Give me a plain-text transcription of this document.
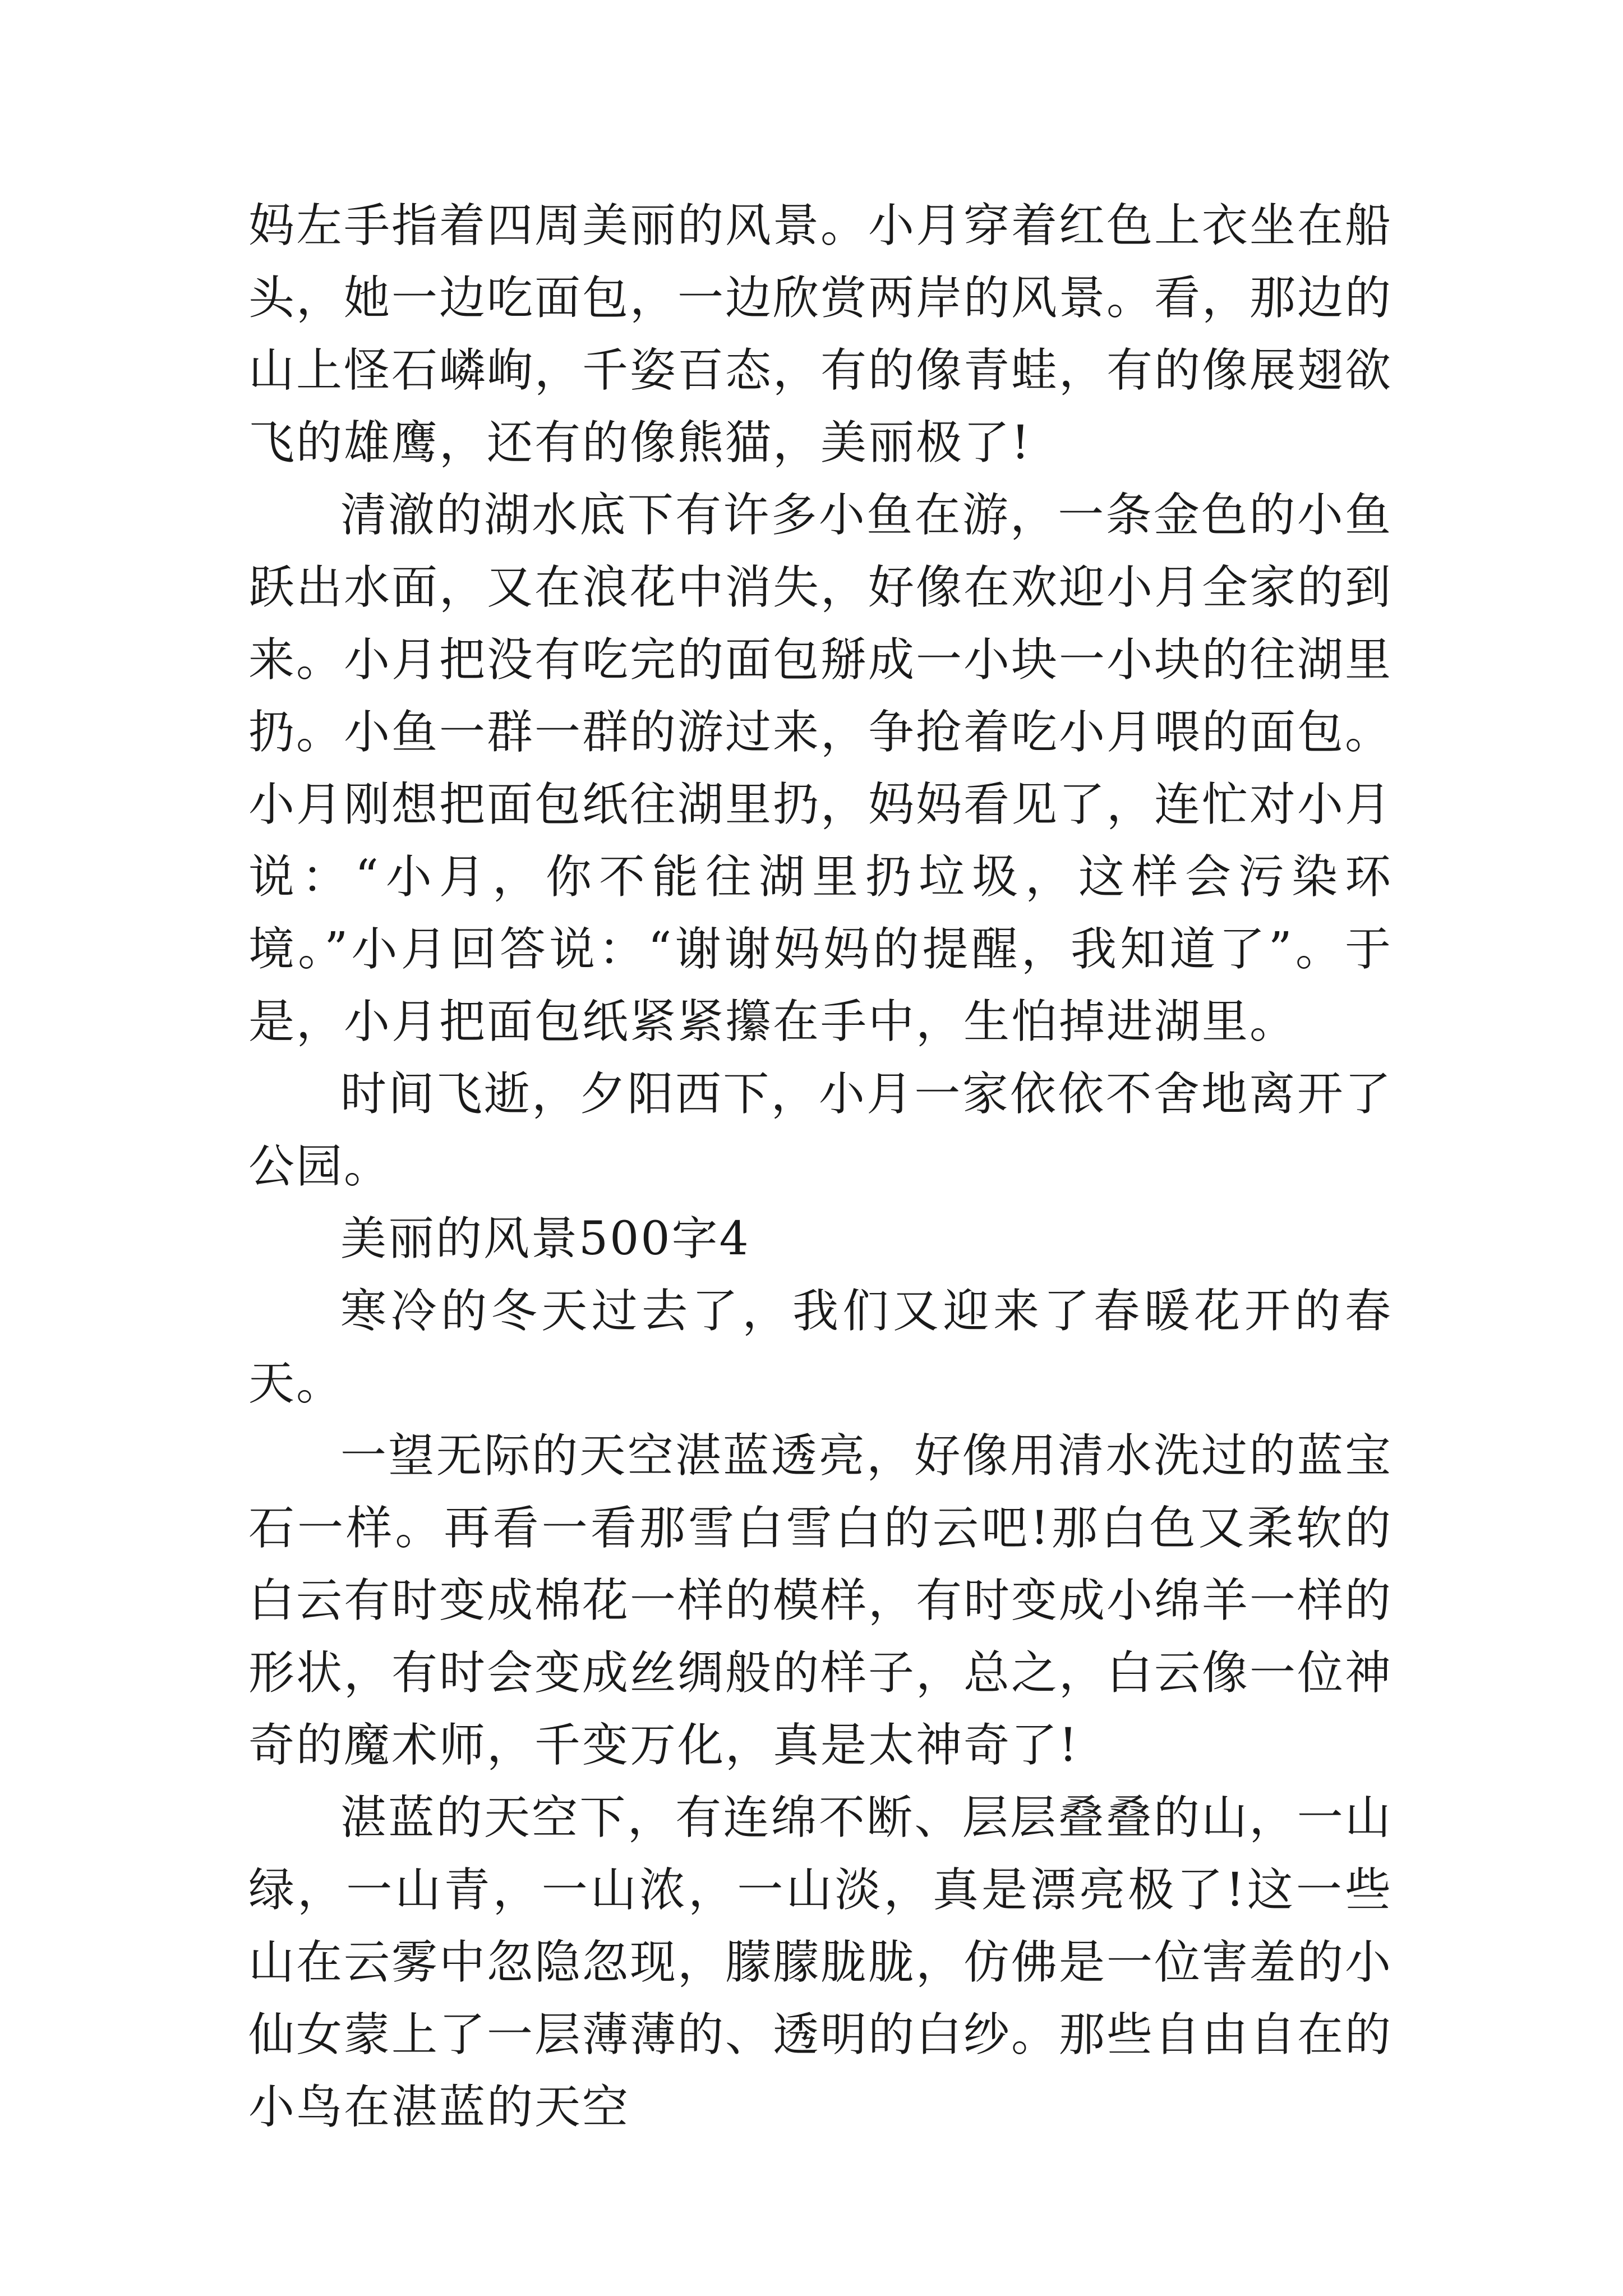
妈左手指着四周美丽的风景。小月穿着红色上衣坐在船头，她一边吃面包，一边欣赏两岸的风景。看，那边的山上怪石嶙峋，千姿百态，有的像青蛙，有的像展翅欲飞的雄鹰，还有的像熊猫，美丽极了!

清澈的湖水底下有许多小鱼在游，一条金色的小鱼跃出水面，又在浪花中消失，好像在欢迎小月全家的到来。小月把没有吃完的面包掰成一小块一小块的往湖里扔。小鱼一群一群的游过来，争抢着吃小月喂的面包。小月刚想把面包纸往湖里扔，妈妈看见了，连忙对小月说：“小月，你不能往湖里扔垃圾，这样会污染环境。”小月回答说：“谢谢妈妈的提醒，我知道了”。于是，小月把面包纸紧紧攥在手中，生怕掉进湖里。

时间飞逝，夕阳西下，小月一家依依不舍地离开了公园。

美丽的风景500字4

寒冷的冬天过去了，我们又迎来了春暖花开的春天。

一望无际的天空湛蓝透亮，好像用清水洗过的蓝宝石一样。再看一看那雪白雪白的云吧!那白色又柔软的白云有时变成棉花一样的模样，有时变成小绵羊一样的形状，有时会变成丝绸般的样子，总之，白云像一位神奇的魔术师，千变万化，真是太神奇了!

湛蓝的天空下，有连绵不断、层层叠叠的山，一山绿，一山青，一山浓，一山淡，真是漂亮极了!这一些山在云雾中忽隐忽现，朦朦胧胧，仿佛是一位害羞的小仙女蒙上了一层薄薄的、透明的白纱。那些自由自在的小鸟在湛蓝的天空
